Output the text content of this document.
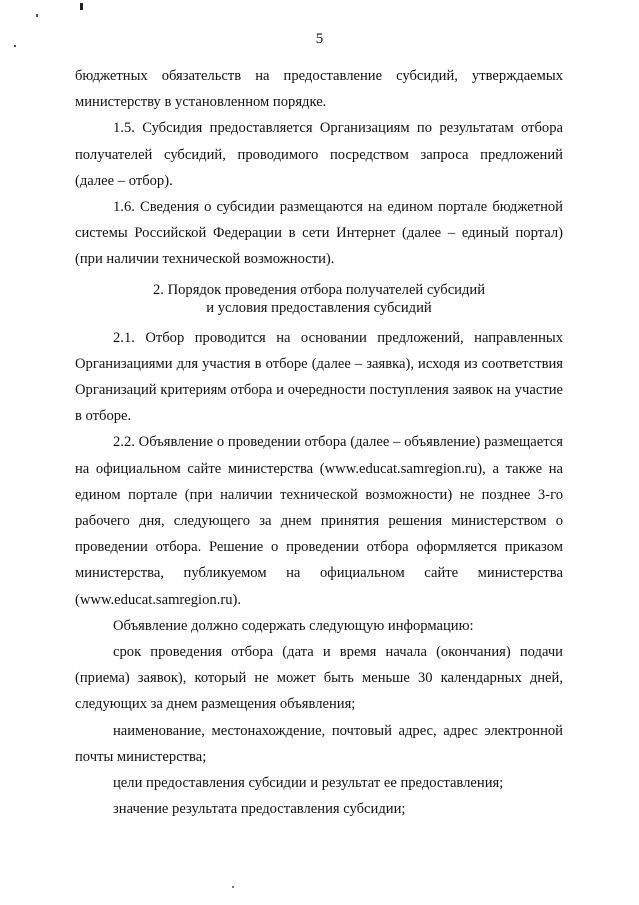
5

бюджетных обязательств на предоставление субсидий, утверждаемых министерству в установленном порядке.

1.5. Субсидия предоставляется Организациям по результатам отбора получателей субсидий, проводимого посредством запроса предложений (далее – отбор).

1.6. Сведения о субсидии размещаются на едином портале бюджетной системы Российской Федерации в сети Интернет (далее – единый портал) (при наличии технической возможности).

2. Порядок проведения отбора получателей субсидий
и условия предоставления субсидий

2.1. Отбор проводится на основании предложений, направленных Организациями для участия в отборе (далее – заявка), исходя из соответствия Организаций критериям отбора и очередности поступления заявок на участие в отборе.

2.2. Объявление о проведении отбора (далее – объявление) размещается на официальном сайте министерства (www.educat.samregion.ru), а также на едином портале (при наличии технической возможности) не позднее 3-го рабочего дня, следующего за днем принятия решения министерством о проведении отбора. Решение о проведении отбора оформляется приказом министерства, публикуемом на официальном сайте министерства (www.educat.samregion.ru).

Объявление должно содержать следующую информацию:

срок проведения отбора (дата и время начала (окончания) подачи (приема) заявок), который не может быть меньше 30 календарных дней, следующих за днем размещения объявления;

наименование, местонахождение, почтовый адрес, адрес электронной почты министерства;

цели предоставления субсидии и результат ее предоставления;

значение результата предоставления субсидии;
